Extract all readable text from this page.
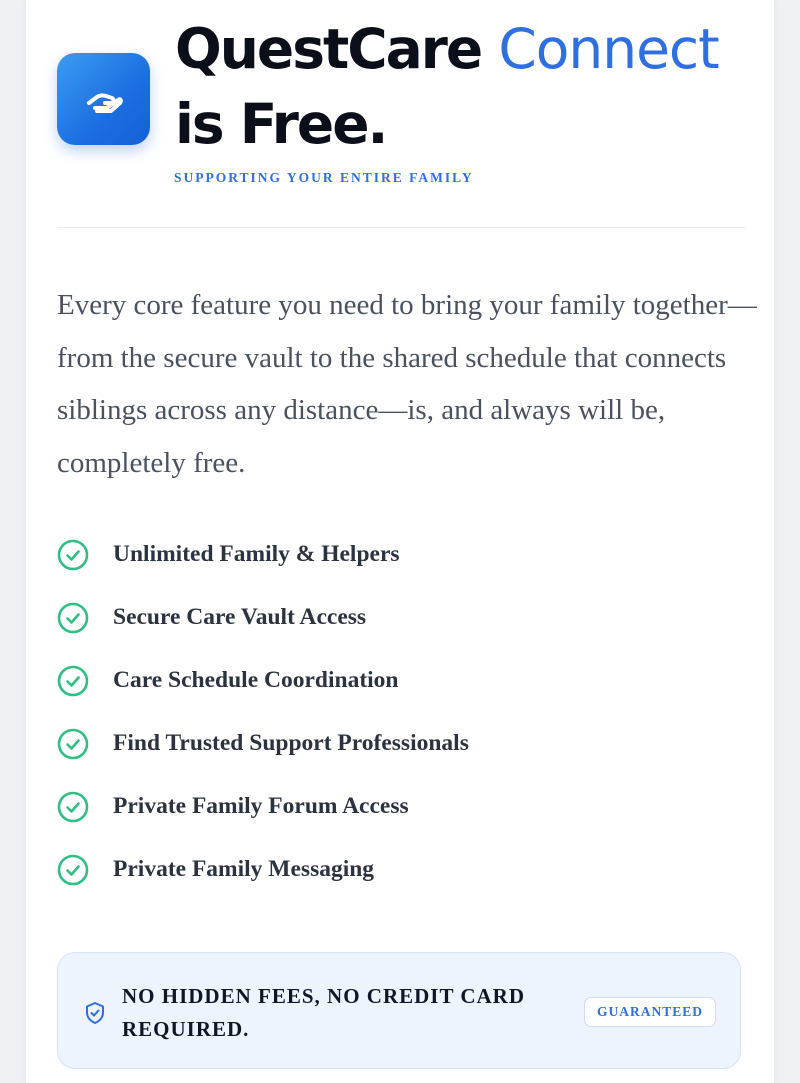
QuestCare Connect
is Free.
SUPPORTING YOUR ENTIRE FAMILY

Every core feature you need to bring your family together—from the secure vault to the shared schedule that connects siblings across any distance—is, and always will be, completely free.

Unlimited Family & Helpers
Secure Care Vault Access
Care Schedule Coordination
Find Trusted Support Professionals
Private Family Forum Access
Private Family Messaging
NO HIDDEN FEES, NO CREDIT CARD REQUIRED.
GUARANTEED
